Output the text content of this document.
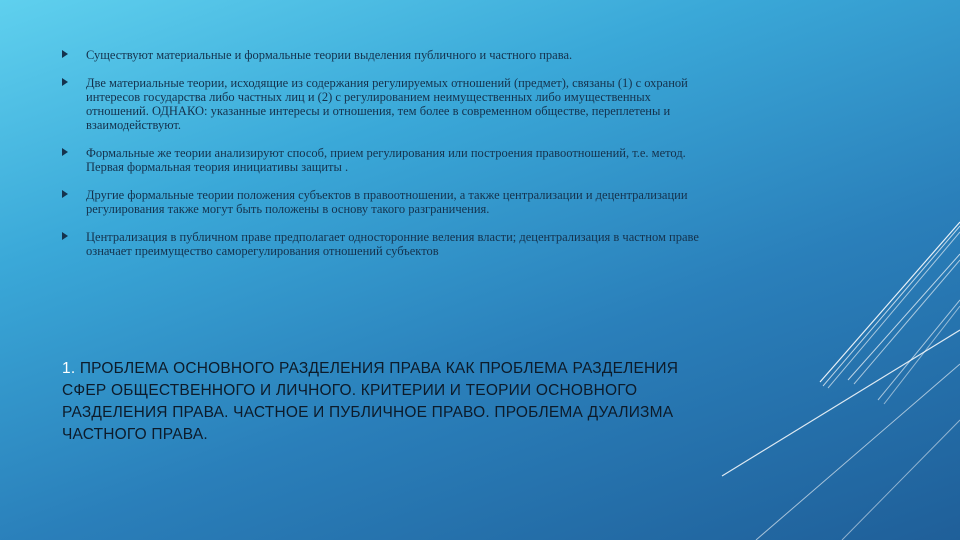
Существуют материальные и формальные теории выделения публичного и частного права.
Две материальные теории, исходящие из содержания регулируемых отношений (предмет), связаны (1) с охраной интересов государства либо частных лиц и (2) с регулированием неимущественных либо имущественных отношений. ОДНАКО: указанные интересы и отношения, тем более в современном обществе, переплетены и взаимодействуют.
Формальные же теории анализируют способ, прием регулирования или построения правоотношений, т.е. метод. Первая формальная теория инициативы защиты .
Другие формальные теории положения субъектов в правоотношении, а также централизации и децентрализации регулирования также могут быть положены в основу такого разграничения.
Централизация в публичном праве предполагает односторонние веления власти; децентрализация в частном праве означает преимущество саморегулирования отношений субъектов
1. ПРОБЛЕМА ОСНОВНОГО РАЗДЕЛЕНИЯ ПРАВА КАК ПРОБЛЕМА РАЗДЕЛЕНИЯ СФЕР ОБЩЕСТВЕННОГО И ЛИЧНОГО. КРИТЕРИИ И ТЕОРИИ ОСНОВНОГО РАЗДЕЛЕНИЯ ПРАВА. ЧАСТНОЕ И ПУБЛИЧНОЕ ПРАВО. ПРОБЛЕМА ДУАЛИЗМА ЧАСТНОГО ПРАВА.
